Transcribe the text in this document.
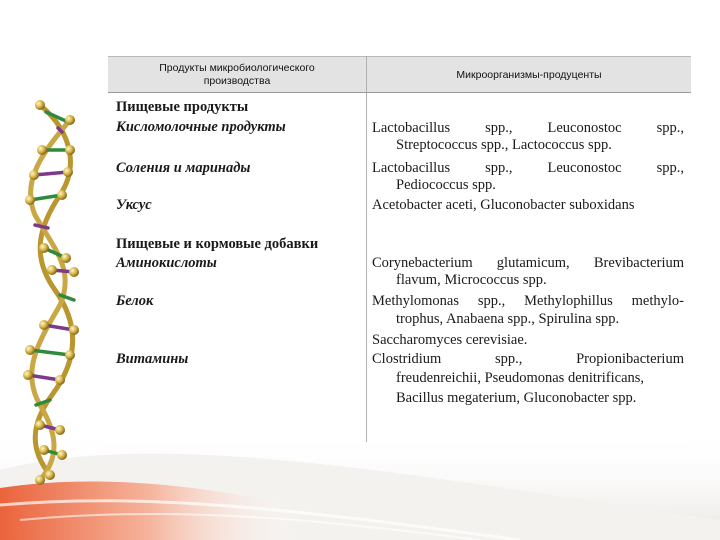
Продукты микробиологического
производства
Микроорганизмы-продуценты
Пищевые продукты
Кисломолочные продукты
Соления и маринады
Уксус
Пищевые и кормовые добавки
Аминокислоты
Белок
Витамины
Lactobacillus spp., Leuconostoc spp.,
Streptococcus spp., Lactococcus spp.
Lactobacillus spp., Leuconostoc spp.,
Pediococcus spp.
Acetobacter aceti, Gluconobacter suboxidans
Corynebacterium glutamicum, Brevibacterium
flavum, Micrococcus spp.
Methylomonas spp., Methylophillus methylo-
trophus, Anabaena spp., Spirulina spp.
Saccharomyces cerevisiae.
Clostridium spp., Propionibacterium
freudenreichii, Pseudomonas denitrificans,
Bacillus megaterium, Gluconobacter spp.
